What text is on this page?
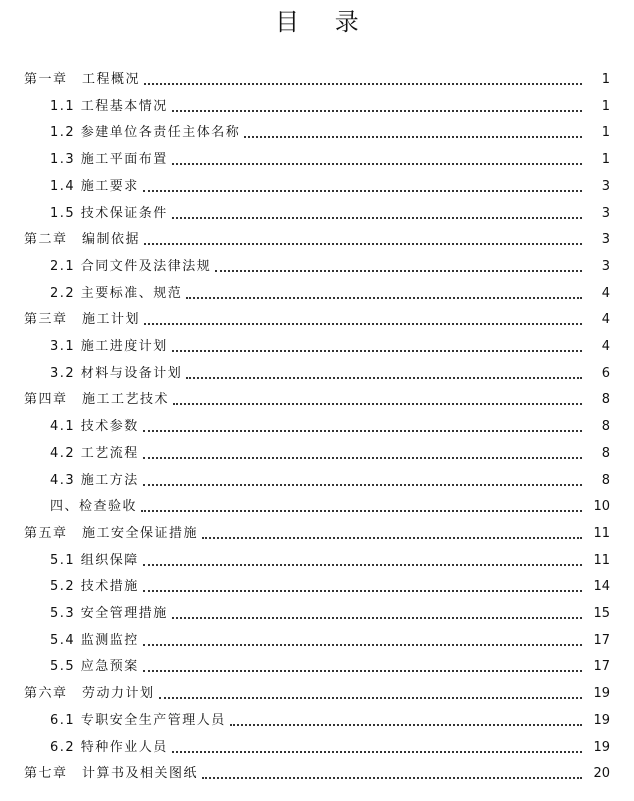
目 录
第一章　工程概况	1
1.1 工程基本情况	1
1.2 参建单位各责任主体名称	1
1.3 施工平面布置	1
1.4 施工要求	3
1.5 技术保证条件	3
第二章　编制依据	3
2.1 合同文件及法律法规	3
2.2 主要标准、规范	4
第三章　施工计划	4
3.1 施工进度计划	4
3.2 材料与设备计划	6
第四章　施工工艺技术	8
4.1 技术参数	8
4.2 工艺流程	8
4.3 施工方法	8
四、检查验收	10
第五章　施工安全保证措施	11
5.1 组织保障	11
5.2 技术措施	14
5.3 安全管理措施	15
5.4 监测监控	17
5.5 应急预案	17
第六章　劳动力计划	19
6.1 专职安全生产管理人员	19
6.2 特种作业人员	19
第七章　计算书及相关图纸	20
